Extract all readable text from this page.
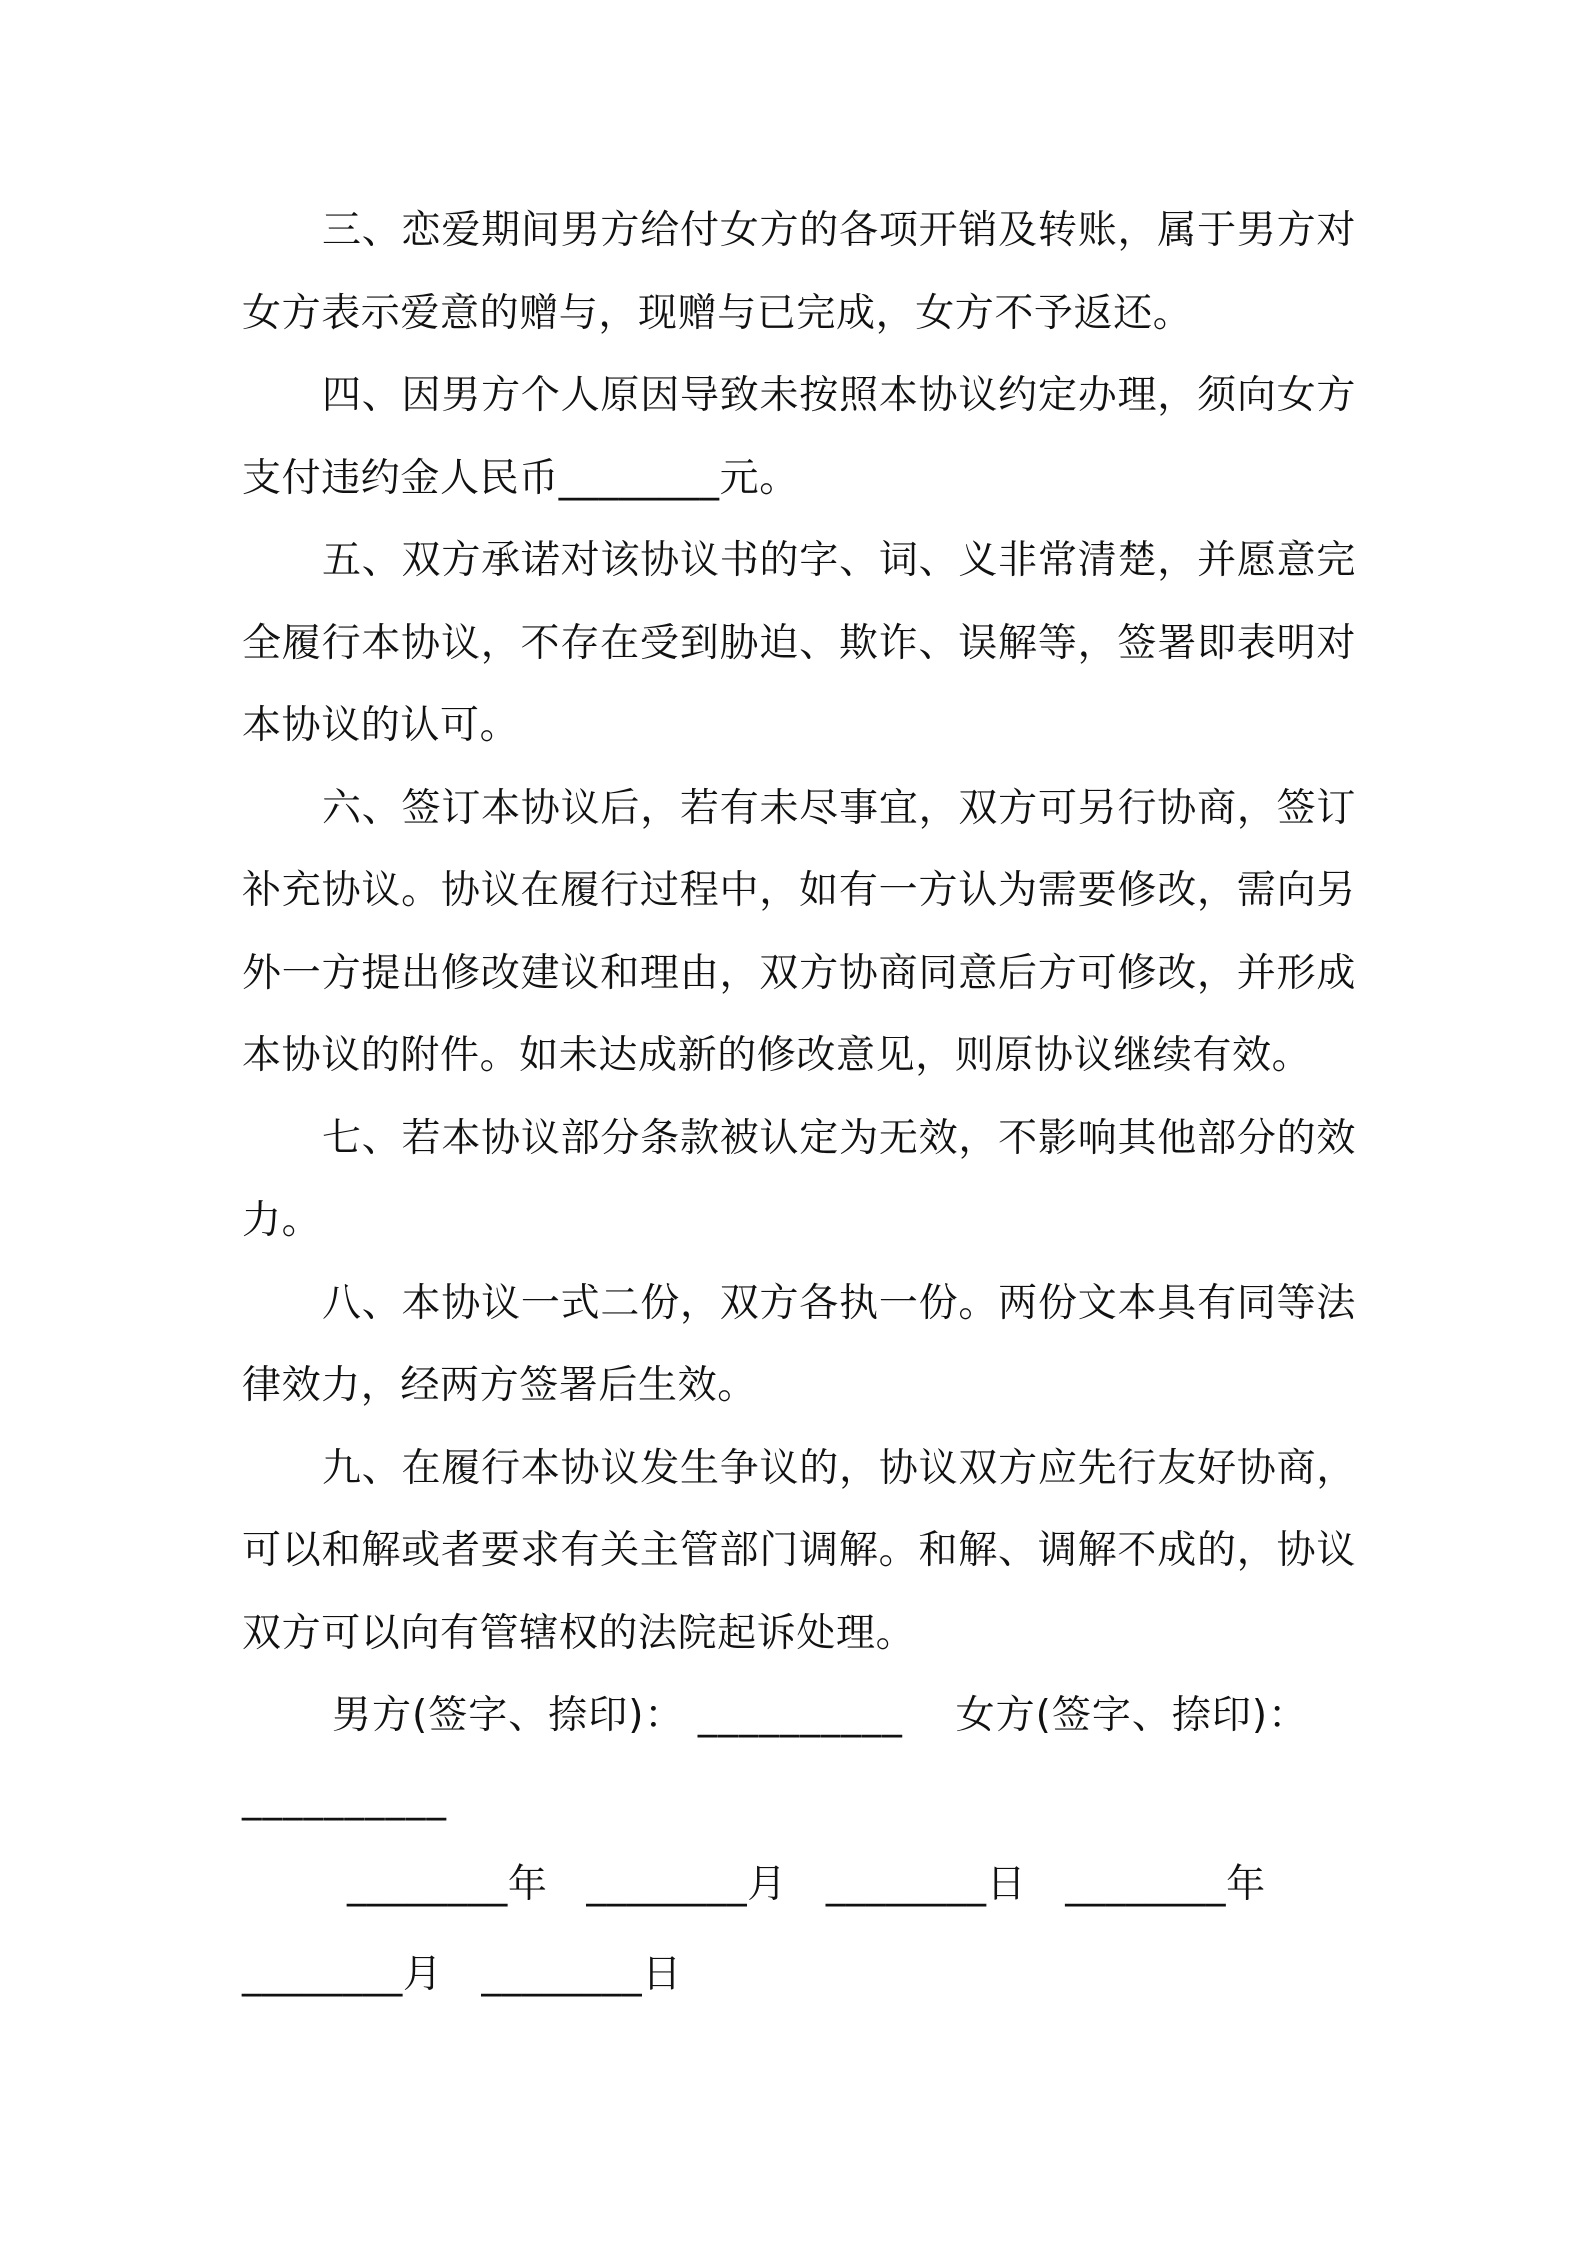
三、恋爱期间男方给付女方的各项开销及转账，属于男方对女方表示爱意的赠与，现赠与已完成，女方不予返还。

四、因男方个人原因导致未按照本协议约定办理，须向女方支付违约金人民币________元。

五、双方承诺对该协议书的字、词、义非常清楚，并愿意完全履行本协议，不存在受到胁迫、欺诈、误解等，签署即表明对本协议的认可。

六、签订本协议后，若有未尽事宜，双方可另行协商，签订补充协议。协议在履行过程中，如有一方认为需要修改，需向另外一方提出修改建议和理由，双方协商同意后方可修改，并形成本协议的附件。如未达成新的修改意见，则原协议继续有效。

七、若本协议部分条款被认定为无效，不影响其他部分的效力。

八、本协议一式二份，双方各执一份。两份文本具有同等法律效力，经两方签署后生效。

九、在履行本协议发生争议的，协议双方应先行友好协商，可以和解或者要求有关主管部门调解。和解、调解不成的，协议双方可以向有管辖权的法院起诉处理。

男方(签字、捺印)： __________ 女方(签字、捺印)：
__________

________年 ________月 ________日 ________年
________月 ________日
